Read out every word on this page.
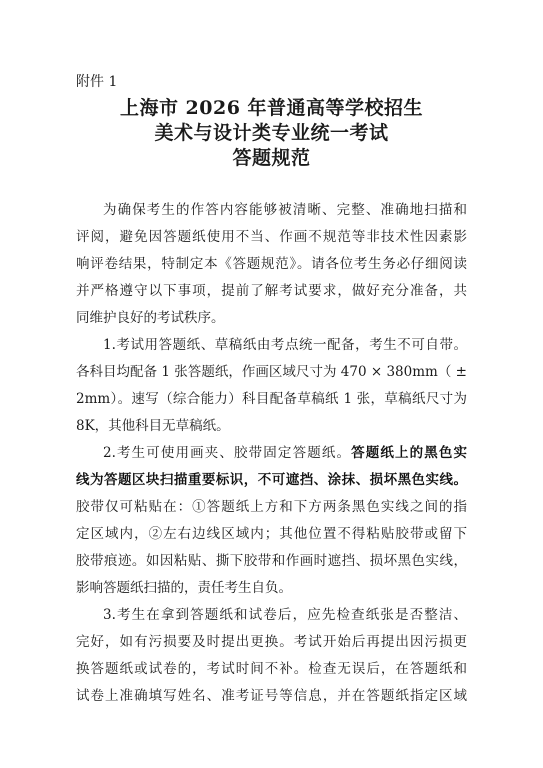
附件 1
上海市 2026 年普通高等学校招生
美术与设计类专业统一考试
答题规范
为确保考生的作答内容能够被清晰、完整、准确地扫描和
评阅，避免因答题纸使用不当、作画不规范等非技术性因素影
响评卷结果，特制定本《答题规范》。请各位考生务必仔细阅读
并严格遵守以下事项，提前了解考试要求，做好充分准备，共
同维护良好的考试秩序。
1.考试用答题纸、草稿纸由考点统一配备，考生不可自带。
各科目均配备 1 张答题纸，作画区域尺寸为 470 × 380mm（ ±
2mm）。速写（综合能力）科目配备草稿纸 1 张，草稿纸尺寸为
8K，其他科目无草稿纸。
2.考生可使用画夹、胶带固定答题纸。答题纸上的黑色实
线为答题区块扫描重要标识，不可遮挡、涂抹、损坏黑色实线。
胶带仅可粘贴在：①答题纸上方和下方两条黑色实线之间的指
定区域内，②左右边线区域内；其他位置不得粘贴胶带或留下
胶带痕迹。如因粘贴、撕下胶带和作画时遮挡、损坏黑色实线，
影响答题纸扫描的，责任考生自负。
3.考生在拿到答题纸和试卷后，应先检查纸张是否整洁、
完好，如有污损要及时提出更换。考试开始后再提出因污损更
换答题纸或试卷的，考试时间不补。检查无误后，在答题纸和
试卷上准确填写姓名、准考证号等信息，并在答题纸指定区域
